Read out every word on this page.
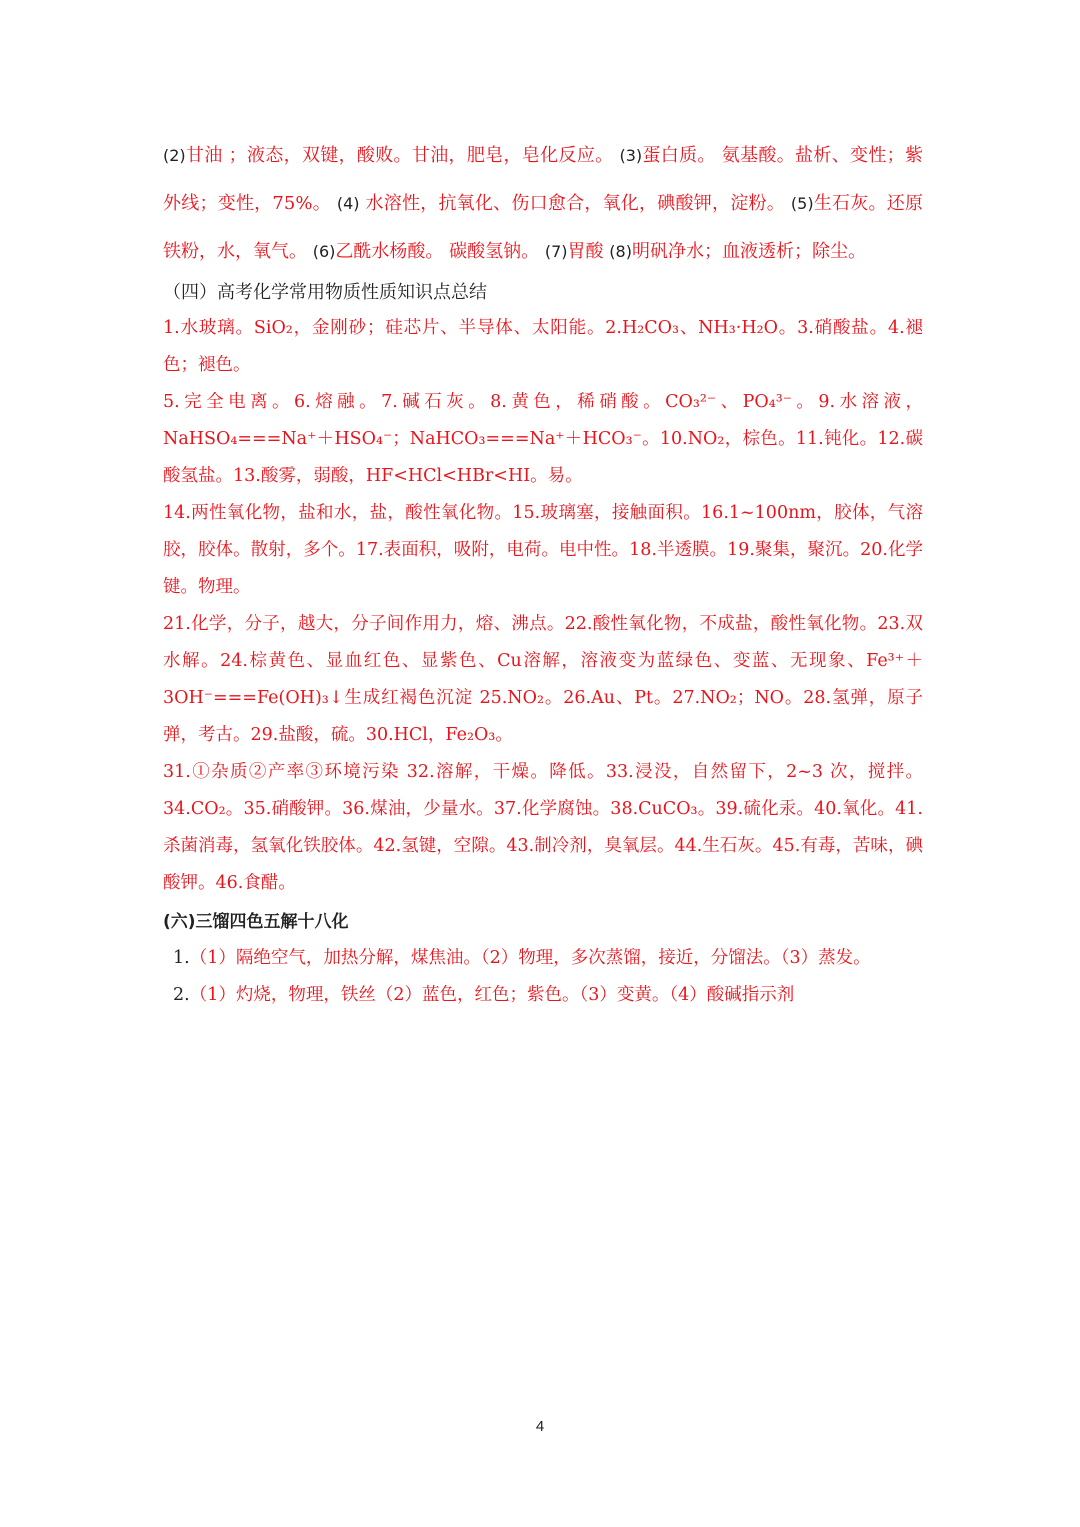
(2)甘油 ；液态，双键，酸败。甘油，肥皂，皂化反应。 (3)蛋白质。 氨基酸。盐析、变性；紫外线；变性，75%。 (4) 水溶性，抗氧化、伤口愈合，氧化，碘酸钾，淀粉。 (5)生石灰。还原铁粉，水，氧气。 (6)乙酰水杨酸。 碳酸氢钠。 (7)胃酸 (8)明矾净水；血液透析；除尘。

（四）高考化学常用物质性质知识点总结

1.水玻璃。SiO₂，金刚砂；硅芯片、半导体、太阳能。2.H₂CO₃、NH₃·H₂O。3.硝酸盐。4.褪色；褪色。

5.完全电离。6.熔融。7.碱石灰。8.黄色，稀硝酸。CO₃²⁻、PO₄³⁻。9.水溶液，NaHSO₄===Na⁺＋HSO₄⁻；NaHCO₃===Na⁺＋HCO₃⁻。10.NO₂，棕色。11.钝化。12.碳酸氢盐。13.酸雾，弱酸，HF<HCl<HBr<HI。易。

14.两性氧化物，盐和水，盐，酸性氧化物。15.玻璃塞，接触面积。16.1~100nm，胶体，气溶胶，胶体。散射，多个。17.表面积，吸附，电荷。电中性。18.半透膜。19.聚集，聚沉。20.化学键。物理。

21.化学，分子，越大，分子间作用力，熔、沸点。22.酸性氧化物，不成盐，酸性氧化物。23.双水解。24.棕黄色、显血红色、显紫色、Cu溶解，溶液变为蓝绿色、变蓝、无现象、Fe³⁺＋3OH⁻===Fe(OH)₃↓生成红褐色沉淀 25.NO₂。26.Au、Pt。27.NO₂；NO。28.氢弹，原子弹，考古。29.盐酸，硫。30.HCl，Fe₂O₃。

31.①杂质②产率③环境污染 32.溶解，干燥。降低。33.浸没，自然留下，2~3 次，搅拌。34.CO₂。35.硝酸钾。36.煤油，少量水。37.化学腐蚀。38.CuCO₃。39.硫化汞。40.氧化。41.杀菌消毒，氢氧化铁胶体。42.氢键，空隙。43.制冷剂，臭氧层。44.生石灰。45.有毒，苦味，碘酸钾。46.食醋。

(六)三馏四色五解十八化

1.（1）隔绝空气，加热分解，煤焦油。（2）物理，多次蒸馏，接近，分馏法。（3）蒸发。

2.（1）灼烧，物理，铁丝（2）蓝色，红色；紫色。（3）变黄。（4）酸碱指示剂

4
